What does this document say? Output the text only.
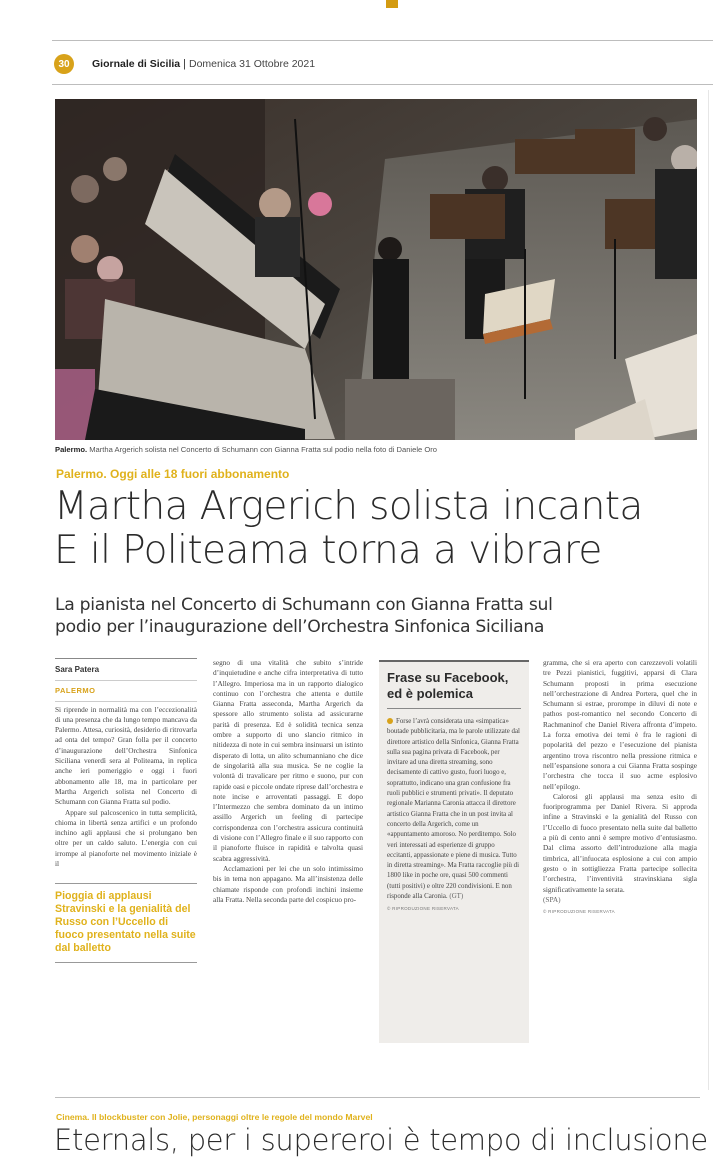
30	Giornale di Sicilia | Domenica 31 Ottobre 2021
Palermo. Martha Argerich solista nel Concerto di Schumann con Gianna Fratta sul podio nella foto di Daniele Oro
Palermo. Oggi alle 18 fuori abbonamento
Martha Argerich solista incanta
E il Politeama torna a vibrare
La pianista nel Concerto di Schumann con Gianna Fratta sul
podio per l’inaugurazione dell’Orchestra Sinfonica Siciliana
Sara Patera
PALERMO

Si riprende in normalità ma con l’eccezionalità di una presenza che da lungo tempo mancava da Palermo. Attesa, curiosità, desiderio di ritrovarla ad onta del tempo? Gran folla per il concerto d’inaugurazione dell’Orchestra Sinfonica Siciliana venerdì sera al Politeama, in replica anche ieri pomeriggio e oggi i fuori abbonamento alle 18, ma in particolare per Martha Argerich solista nel Concerto di Schumann con Gianna Fratta sul podio.

Appare sul palcoscenico in tutta semplicità, chioma in libertà senza artifici e un profondo inchino agli applausi che si prolungano ben oltre per un caldo saluto. L’energia con cui irrompe al pianoforte nel movimento iniziale è il

Pioggia di applausi
Stravinski e la genialità del Russo con l’Uccello di fuoco presentato nella suite dal balletto

segno di una vitalità che subito s’intride d’inquietudine e anche cifra interpretativa di tutto l’Allegro. Imperiosa ma in un rapporto dialogico continuo con l’orchestra che attenta e duttile Gianna Fratta asseconda, Martha Argerich da spessore allo strumento solista ad assicurarne parità di presenza. Ed è solidità tecnica senza ombre a supporto di uno slancio ritmico in nitidezza di note in cui sembra insinuarsi un istinto disperato di lotta, un alito schumanniano che dice de singolarità alla sua musica. Se ne coglie la volontà di travalicare per ritmo e suono, pur con rapide oasi e piccole ondate riprese dall’orchestra e note incise e arroventati passaggi. E dopo l’Intermezzo che sembra dominato da un intimo assillo Argerich un feeling di partecipe corrispondenza con l’orchestra assicura continuità di visione con l’Allegro finale e il suo rapporto con il pianoforte fluisce in rapidità e talvolta quasi scabra aggressività.

Acclamazioni per lei che un solo intimissimo bis in tema non appagano. Ma all’insistenza delle chiamate risponde con profondi inchini insieme alla Fratta. Nella seconda parte del cospicuo pro-

Frase su Facebook, ed è polemica
Forse l’avrà considerata una «simpatica» boutade pubblicitaria, ma le parole utilizzate dal direttore artistico della Sinfonica, Gianna Fratta sulla sua pagina privata di Facebook, per invitare ad una diretta streaming, sono decisamente di cattivo gusto, fuori luogo e, soprattutto, indicano una gran confusione fra ruoli pubblici e strumenti privati». Il deputato regionale Marianna Caronia attacca il direttore artistico Gianna Fratta che in un post invita al concerto della Argerich, come un «appuntamento amoroso. No perditempo. Solo veri interessati ad esperienze di gruppo eccitanti, appassionate e piene di musica. Tutto in diretta streaming». Ma Fratta raccoglie più di 1800 like in poche ore, quasi 500 commenti (tutti positivi) e oltre 220 condivisioni. E non risponde alla Caronia. (GT)
© RIPRODUZIONE RISERVATA

gramma, che si era aperto con carezzevoli volatili tre Pezzi pianistici, fuggitivi, apparsi di Clara Schumann proposti in prima esecuzione nell’orchestrazione di Andrea Portera, quel che in Schumann si estrae, prorompe in diluvi di note e pathos post-romantico nel secondo Concerto di Rachmaninof che Daniel Rivera affronta d’impeto. La forza emotiva dei temi è fra le ragioni di popolarità del pezzo e l’esecuzione del pianista argentino trova riscontro nella pressione ritmica e nell’espansione sonora a cui Gianna Fratta sospinge l’orchestra che tocca il suo acme esplosivo nell’epilogo.

Calorosi gli applausi ma senza esito di fuoriprogramma per Daniel Rivera. Si approda infine a Stravinski e la genialità del Russo con l’Uccello di fuoco presentato nella suite dal balletto a più di cento anni è sempre motivo d’entusiasmo. Dal clima assorto dell’introduzione alla magia timbrica, all’infuocata esplosione a cui con ampio gesto o in sottigliezza Fratta partecipe sollecita l’orchestra, l’inventività stravinskiana sigla significativamente la serata.

(SPA)

© RIPRODUZIONE RISERVATA
Cinema. Il blockbuster con Jolie, personaggi oltre le regole del mondo Marvel
Eternals, per i supereroi è tempo di inclusione
